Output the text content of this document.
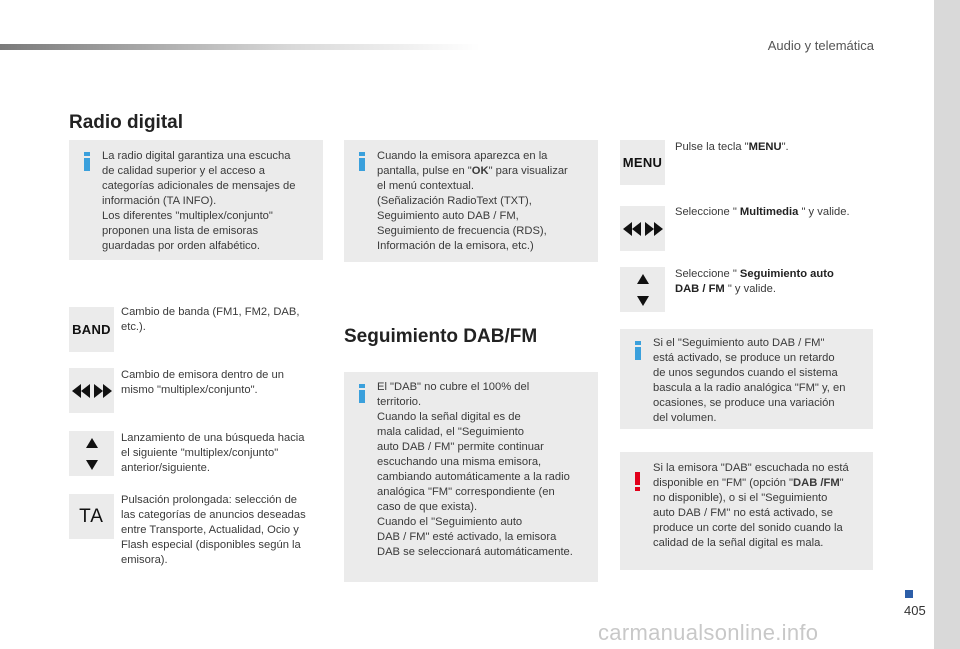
Audio y telemática
Radio digital
La radio digital garantiza una escucha
de calidad superior y el acceso a
categorías adicionales de mensajes de
información (TA INFO).
Los diferentes "multiplex/conjunto"
proponen una lista de emisoras
guardadas por orden alfabético.
BAND
Cambio de banda (FM1, FM2, DAB,
etc.).
Cambio de emisora dentro de un
mismo "multiplex/conjunto".
Lanzamiento de una búsqueda hacia
el siguiente "multiplex/conjunto"
anterior/siguiente.
TA
Pulsación prolongada: selección de
las categorías de anuncios deseadas
entre Transporte, Actualidad, Ocio y
Flash especial (disponibles según la
emisora).
Cuando la emisora aparezca en la
pantalla, pulse en "OK" para visualizar
el menú contextual.
(Señalización RadioText (TXT),
Seguimiento auto DAB / FM,
Seguimiento de frecuencia (RDS),
Información de la emisora, etc.)
Seguimiento DAB/FM
El "DAB" no cubre el 100% del
territorio.
Cuando la señal digital es de
mala calidad, el "Seguimiento
auto DAB / FM" permite continuar
escuchando una misma emisora,
cambiando automáticamente a la radio
analógica "FM" correspondiente (en
caso de que exista).
Cuando el "Seguimiento auto
DAB / FM" esté activado, la emisora
DAB se seleccionará automáticamente.
MENU
Pulse la tecla "MENU".
Seleccione " Multimedia " y valide.
Seleccione " Seguimiento auto
DAB / FM " y valide.
Si el "Seguimiento auto DAB / FM"
está activado, se produce un retardo
de unos segundos cuando el sistema
bascula a la radio analógica "FM" y, en
ocasiones, se produce una variación
del volumen.
Si la emisora "DAB" escuchada no está
disponible en "FM" (opción "DAB /FM"
no disponible), o si el "Seguimiento
auto DAB / FM" no está activado, se
produce un corte del sonido cuando la
calidad de la señal digital es mala.
405
carmanualsonline.info
